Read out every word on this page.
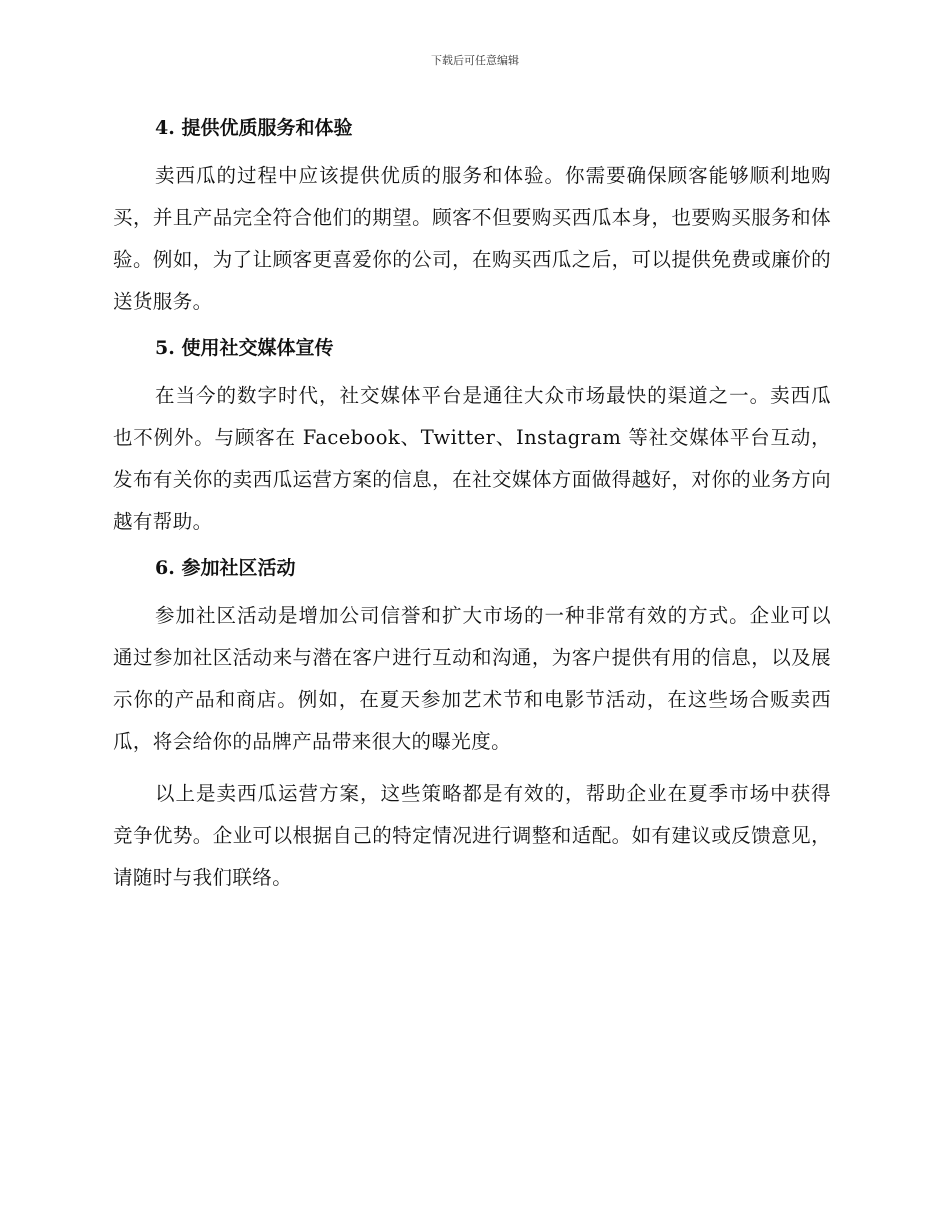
下载后可任意编辑
4. 提供优质服务和体验

卖西瓜的过程中应该提供优质的服务和体验。你需要确保顾客能够顺利地购买，并且产品完全符合他们的期望。顾客不但要购买西瓜本身，也要购买服务和体验。例如，为了让顾客更喜爱你的公司，在购买西瓜之后，可以提供免费或廉价的送货服务。

5. 使用社交媒体宣传

在当今的数字时代，社交媒体平台是通往大众市场最快的渠道之一。卖西瓜也不例外。与顾客在 Facebook、Twitter、Instagram 等社交媒体平台互动，发布有关你的卖西瓜运营方案的信息，在社交媒体方面做得越好，对你的业务方向越有帮助。

6. 参加社区活动

参加社区活动是增加公司信誉和扩大市场的一种非常有效的方式。企业可以通过参加社区活动来与潜在客户进行互动和沟通，为客户提供有用的信息，以及展示你的产品和商店。例如，在夏天参加艺术节和电影节活动，在这些场合贩卖西瓜，将会给你的品牌产品带来很大的曝光度。

以上是卖西瓜运营方案，这些策略都是有效的，帮助企业在夏季市场中获得竞争优势。企业可以根据自己的特定情况进行调整和适配。如有建议或反馈意见，请随时与我们联络。
